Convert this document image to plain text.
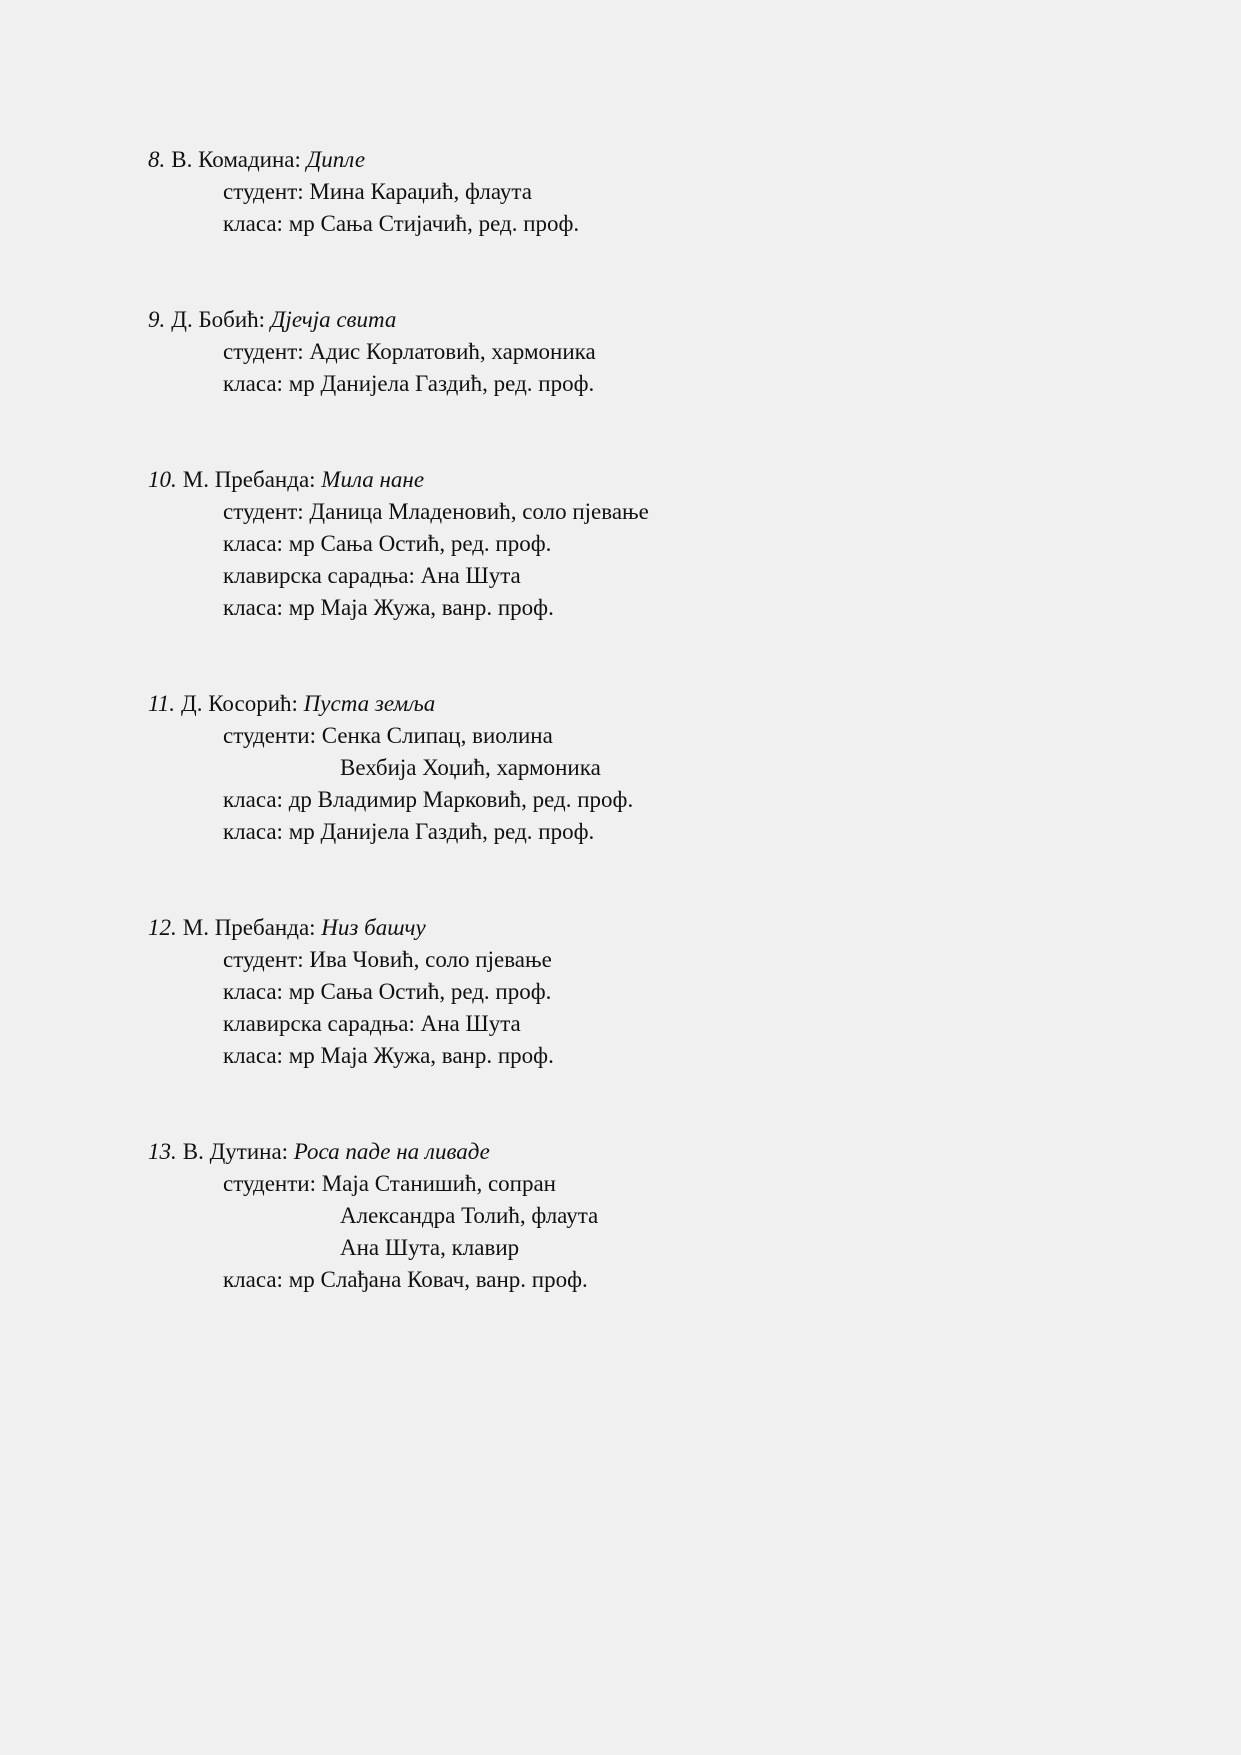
8. В. Комадина: Дипле
студент: Мина Караџић, флаута
класа: мр Сања Стијачић, ред. проф.
9. Д. Бобић: Дјечја свита
студент: Адис Корлатовић, хармоника
класа: мр Данијела Газдић, ред. проф.
10. М. Пребанда: Мила нане
студент: Даница Младеновић, соло пјевање
класа: мр Сања Остић, ред. проф.
клавирска сарадња: Ана Шута
класа: мр Маја Жужа, ванр. проф.
11. Д. Косорић: Пуста земља
студенти: Сенка Слипац, виолина
Вехбија Хоџић, хармоника
класа: др Владимир Марковић, ред. проф.
класа: мр Данијела Газдић, ред. проф.
12. М. Пребанда: Низ башчу
студент: Ива Човић, соло пјевање
класа: мр Сања Остић, ред. проф.
клавирска сарадња: Ана Шута
класа: мр Маја Жужа, ванр. проф.
13. В. Дутина: Роса паде на ливаде
студенти: Маја Станишић, сопран
Александра Толић, флаута
Ана Шута, клавир
класа: мр Слађана Ковач, ванр. проф.
